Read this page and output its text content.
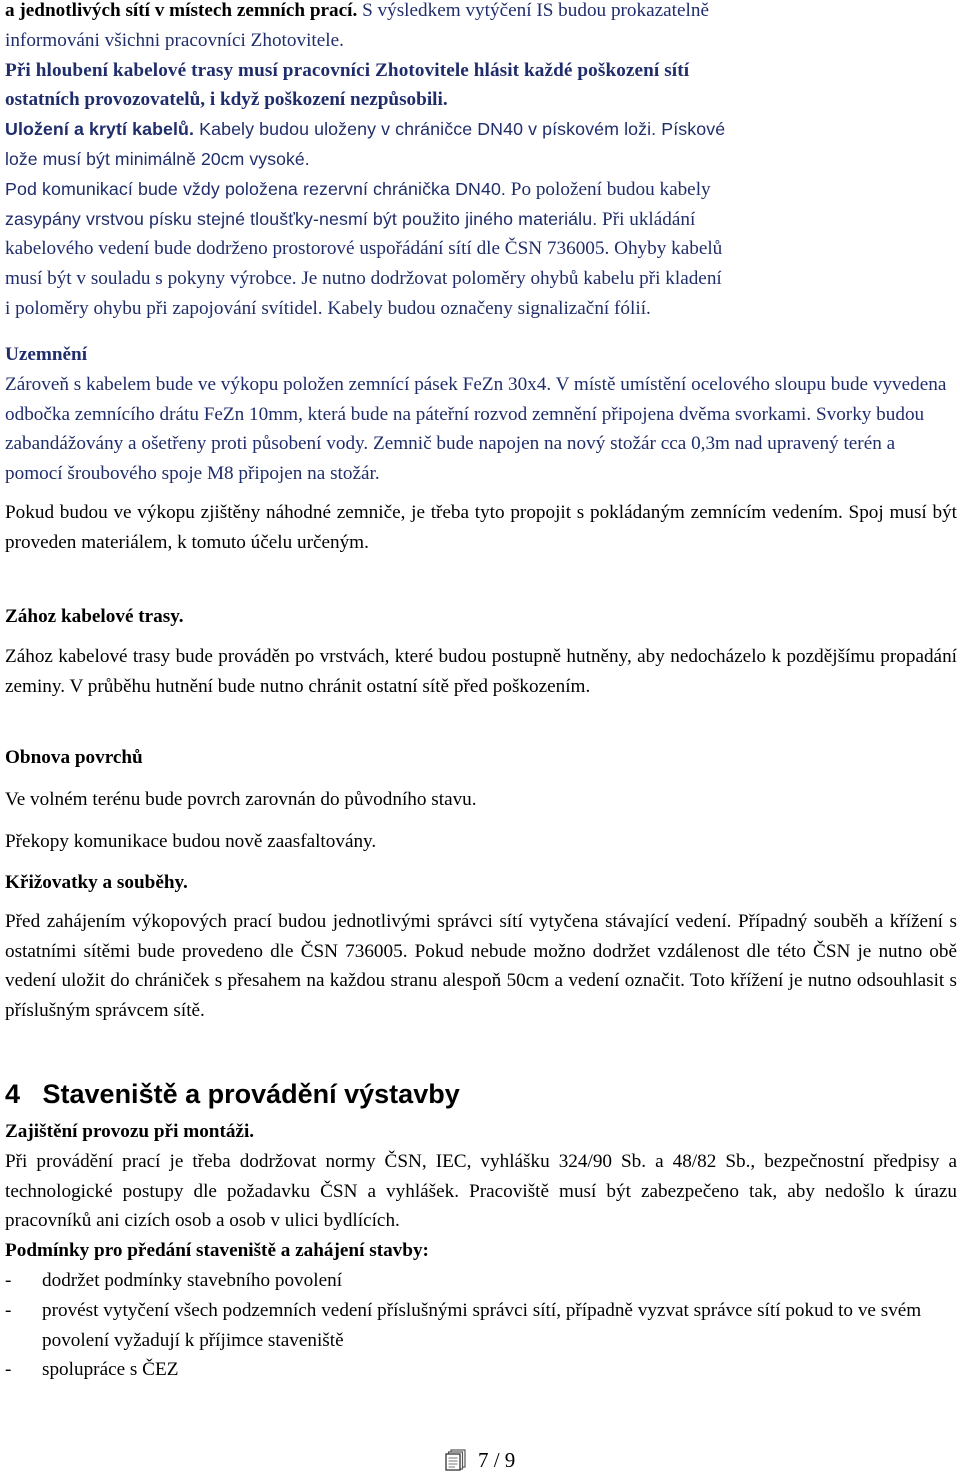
a jednotlivých sítí v místech zemních prací. S výsledkem vytýčení IS budou prokazatelně

informováni všichni pracovníci Zhotovitele.

Při hloubení kabelové trasy musí pracovníci Zhotovitele hlásit každé poškození sítí

ostatních provozovatelů, i když poškození nezpůsobili.

Uložení a krytí kabelů. Kabely budou uloženy v chráničce DN40 v pískovém loži. Pískové

lože musí být minimálně 20cm vysoké.

Pod komunikací bude vždy položena rezervní chránička DN40. Po položení budou kabely

zasypány vrstvou písku stejné tloušťky-nesmí být použito jiného materiálu. Při ukládání

kabelového vedení bude dodrženo prostorové uspořádání sítí dle ČSN 736005. Ohyby kabelů

musí být v souladu s pokyny výrobce. Je nutno dodržovat poloměry ohybů kabelu při kladení

i poloměry ohybu při zapojování svítidel. Kabely budou označeny signalizační fólií.

Uzemnění

Zároveň s kabelem bude ve výkopu položen zemnící pásek FeZn 30x4. V místě umístění ocelového sloupu bude vyvedena odbočka zemnícího drátu FeZn 10mm, která bude na páteřní rozvod zemnění připojena dvěma svorkami. Svorky budou zabandážovány a ošetřeny proti působení vody. Zemnič bude napojen na nový stožár cca 0,3m nad upravený terén a pomocí šroubového spoje M8 připojen na stožár.

Pokud budou ve výkopu zjištěny náhodné zemniče, je třeba tyto propojit s pokládaným zemnícím vedením. Spoj musí být proveden materiálem, k tomuto účelu určeným.

Zához kabelové trasy.

Zához kabelové trasy bude prováděn po vrstvách, které budou postupně hutněny, aby nedocházelo k pozdějšímu propadání zeminy. V průběhu hutnění bude nutno chránit ostatní sítě před poškozením.

Obnova povrchů

Ve volném terénu bude povrch zarovnán do původního stavu.

Překopy komunikace budou nově zaasfaltovány.

Křižovatky a souběhy.

Před zahájením výkopových prací budou jednotlivými správci sítí vytyčena stávající vedení. Případný souběh a křížení s ostatními sítěmi bude provedeno dle ČSN 736005. Pokud nebude možno dodržet vzdálenost dle této ČSN je nutno obě vedení uložit do chrániček s přesahem na každou stranu alespoň 50cm a vedení označit. Toto křížení je nutno odsouhlasit s příslušným správcem sítě.

4   Staveniště a provádění výstavby

Zajištění provozu při montáži.

Při provádění prací je třeba dodržovat normy ČSN, IEC, vyhlášku 324/90 Sb. a 48/82 Sb., bezpečnostní předpisy a technologické postupy dle požadavku ČSN a vyhlášek. Pracoviště musí být zabezpečeno tak, aby nedošlo k úrazu pracovníků ani cizích osob a osob v ulici bydlících.

Podmínky pro předání staveniště a zahájení stavby:

-	dodržet podmínky stavebního povolení
-	provést vytyčení všech podzemních vedení příslušnými správci sítí, případně vyzvat správce sítí pokud to ve svém povolení vyžadují k příjimce staveniště
-	spolupráce s ČEZ
7 / 9
